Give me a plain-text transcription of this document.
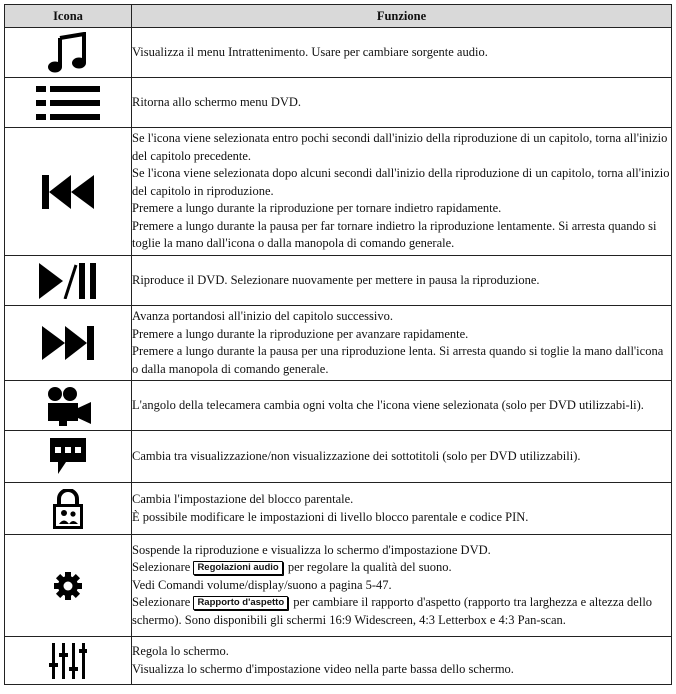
Icona	Funzione

Visualizza il menu Intrattenimento. Usare per cambiare sorgente audio.

Ritorna allo schermo menu DVD.

Se l'icona viene selezionata entro pochi secondi dall'inizio della riproduzione di un capitolo, torna all'inizio del capitolo precedente.
Se l'icona viene selezionata dopo alcuni secondi dall'inizio della riproduzione di un capitolo, torna all'inizio del capitolo in riproduzione.
Premere a lungo durante la riproduzione per tornare indietro rapidamente.
Premere a lungo durante la pausa per far tornare indietro la riproduzione lentamente. Si arresta quando si toglie la mano dall'icona o dalla manopola di comando generale.

Riproduce il DVD. Selezionare nuovamente per mettere in pausa la riproduzione.

Avanza portandosi all'inizio del capitolo successivo.
Premere a lungo durante la riproduzione per avanzare rapidamente.
Premere a lungo durante la pausa per una riproduzione lenta. Si arresta quando si toglie la mano dall'icona o dalla manopola di comando generale.

L'angolo della telecamera cambia ogni volta che l'icona viene selezionata (solo per DVD utilizzabi-li).

Cambia tra visualizzazione/non visualizzazione dei sottotitoli (solo per DVD utilizzabili).

Cambia l'impostazione del blocco parentale.
È possibile modificare le impostazioni di livello blocco parentale e codice PIN.

Sospende la riproduzione e visualizza lo schermo d'impostazione DVD.
Selezionare Regolazioni audio per regolare la qualità del suono.
Vedi Comandi volume/display/suono a pagina 5-47.
Selezionare Rapporto d'aspetto per cambiare il rapporto d'aspetto (rapporto tra larghezza e altezza dello schermo). Sono disponibili gli schermi 16:9 Widescreen, 4:3 Letterbox e 4:3 Pan-scan.

Regola lo schermo.
Visualizza lo schermo d'impostazione video nella parte bassa dello schermo.
